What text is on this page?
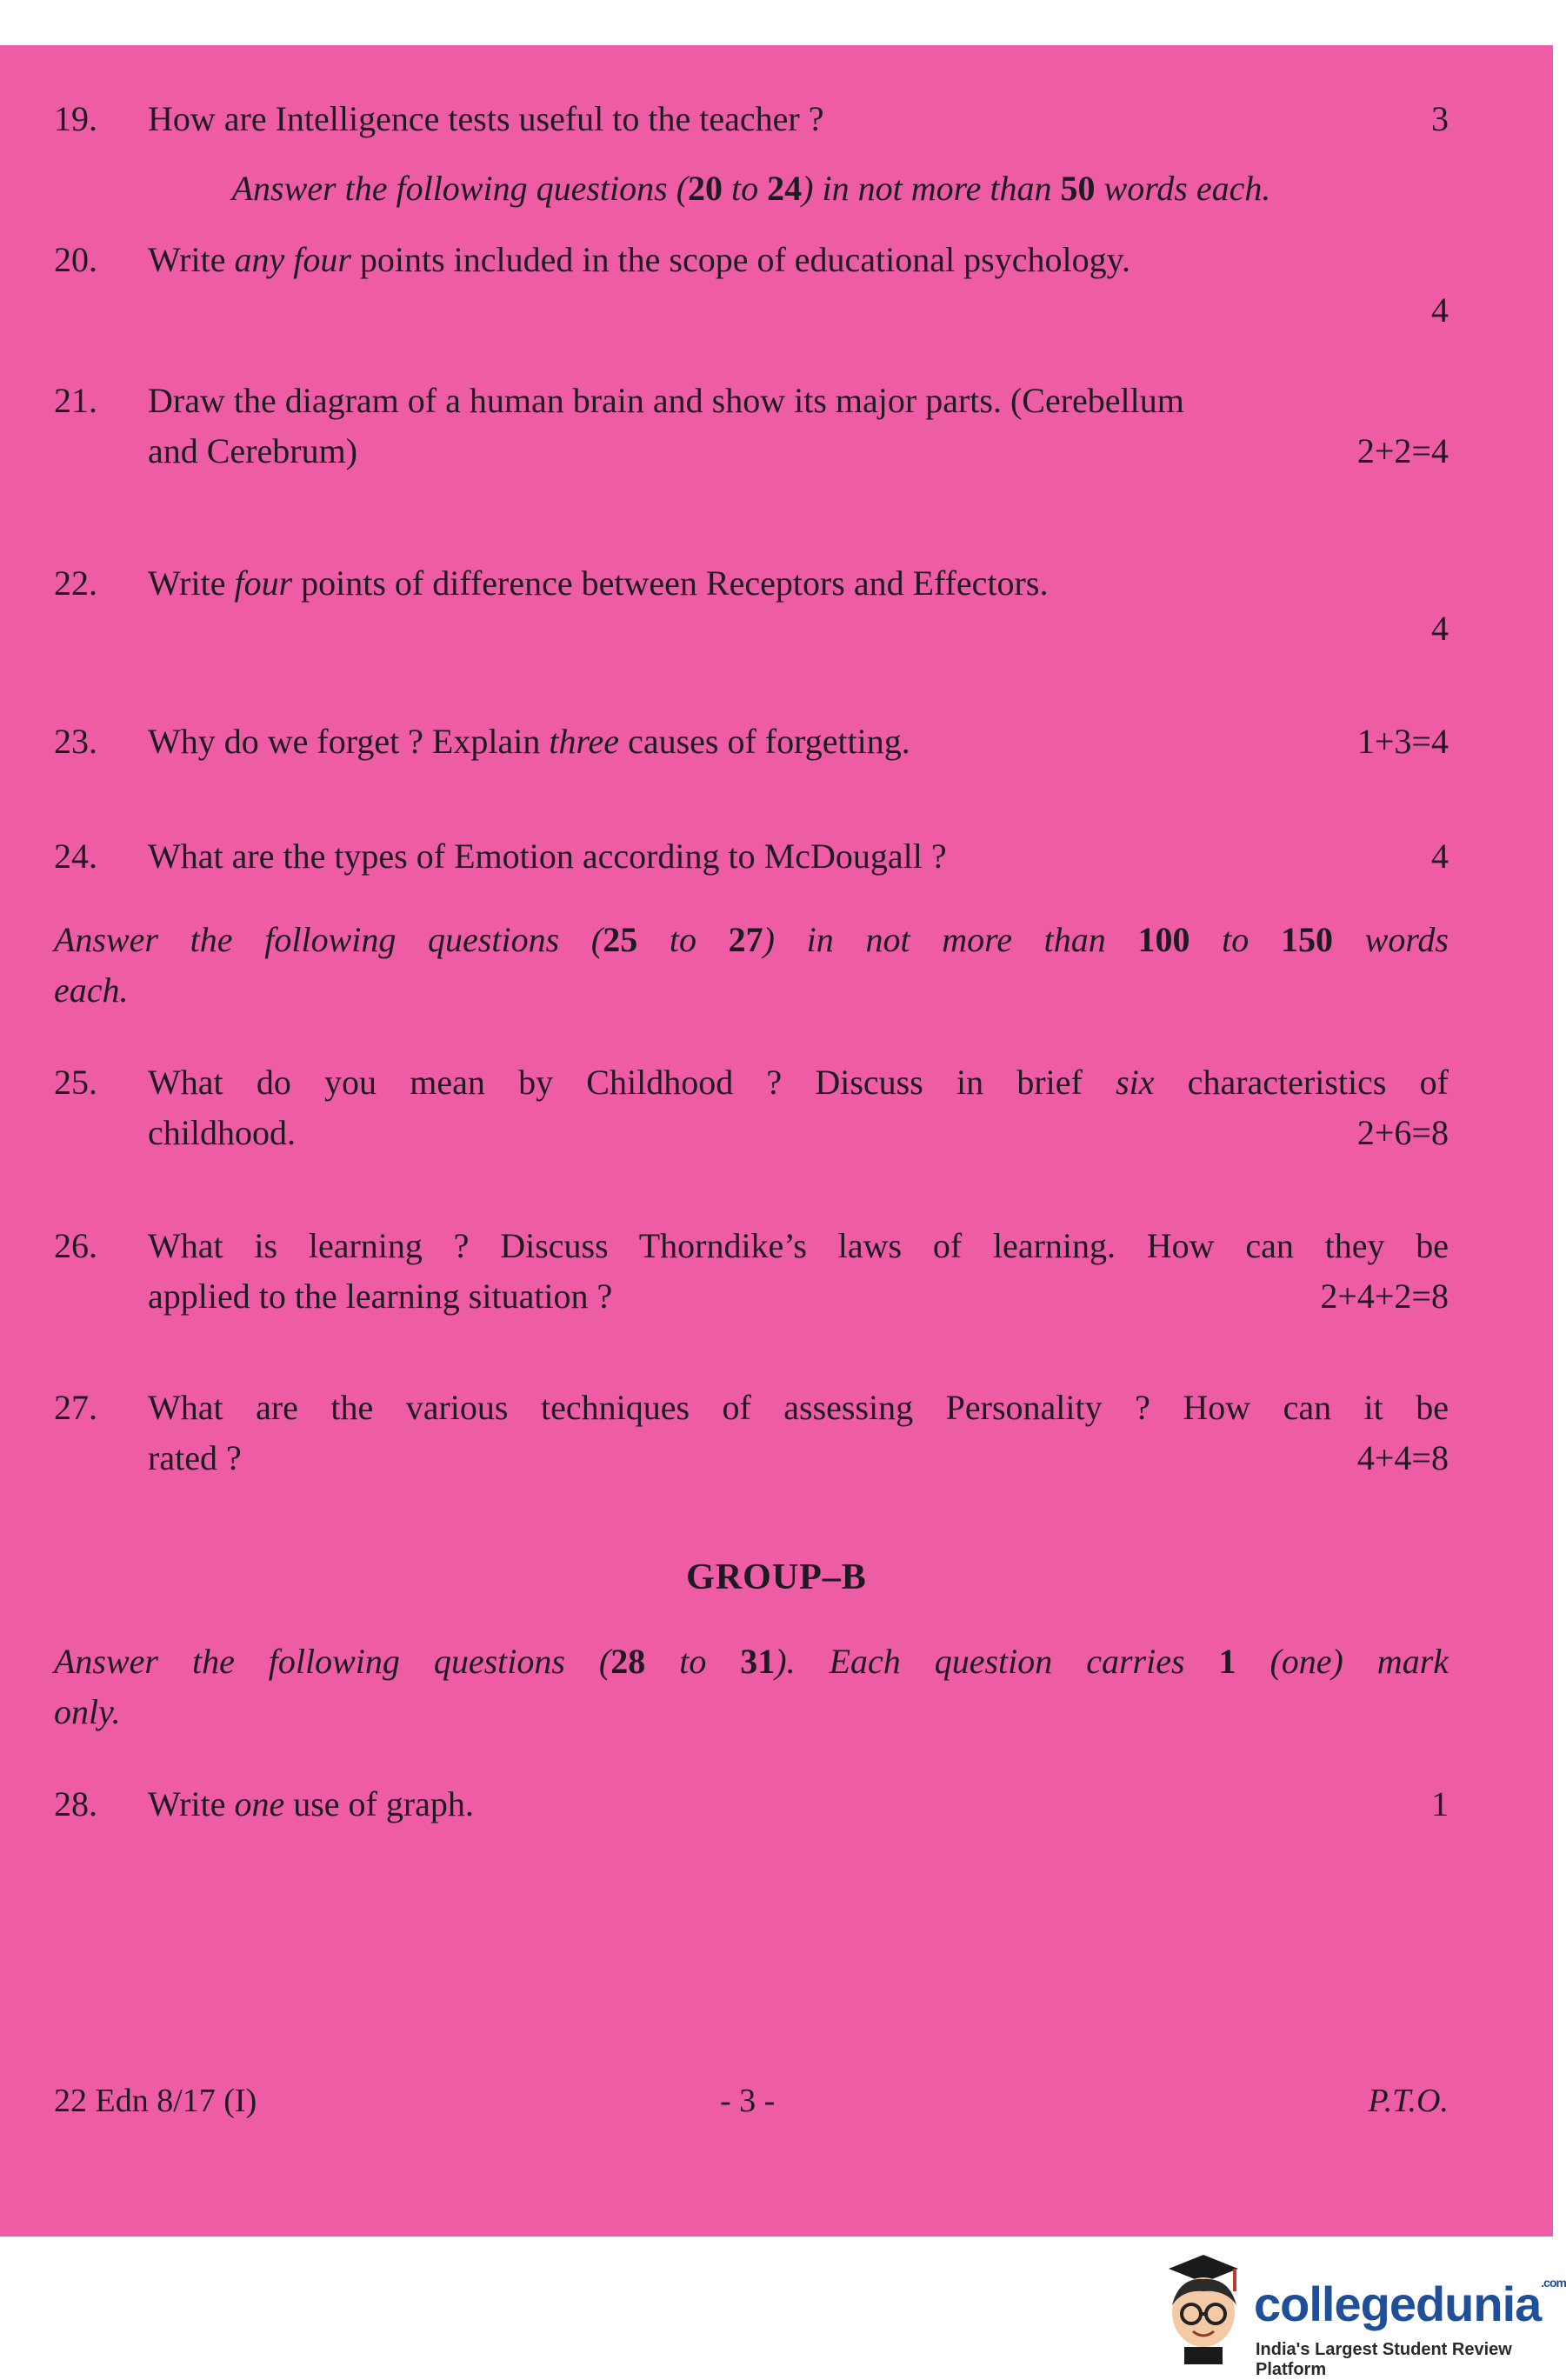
19. How are Intelligence tests useful to the teacher ?	3
Answer the following questions (20 to 24) in not more than 50 words each.
20. Write any four points included in the scope of educational psychology.
4
21. Draw the diagram of a human brain and show its major parts. (Cerebellum
and Cerebrum)	2+2=4
22. Write four points of difference between Receptors and Effectors.
4
23. Why do we forget ? Explain three causes of forgetting.	1+3=4
24. What are the types of Emotion according to McDougall ?	4
Answer the following questions (25 to 27) in not more than 100 to 150 words
each.
25. What do you mean by Childhood ? Discuss in brief six characteristics of
childhood.	2+6=8
26. What is learning ? Discuss Thorndike’s laws of learning. How can they be
applied to the learning situation ?	2+4+2=8
27. What are the various techniques of assessing Personality ? How can it be
rated ?	4+4=8
GROUP–B
Answer the following questions (28 to 31). Each question carries 1 (one) mark
only.
28. Write one use of graph.	1
22 Edn 8/17 (I)	- 3 -	P.T.O.
collegedunia$^{.com}$
India's Largest Student Review Platform
